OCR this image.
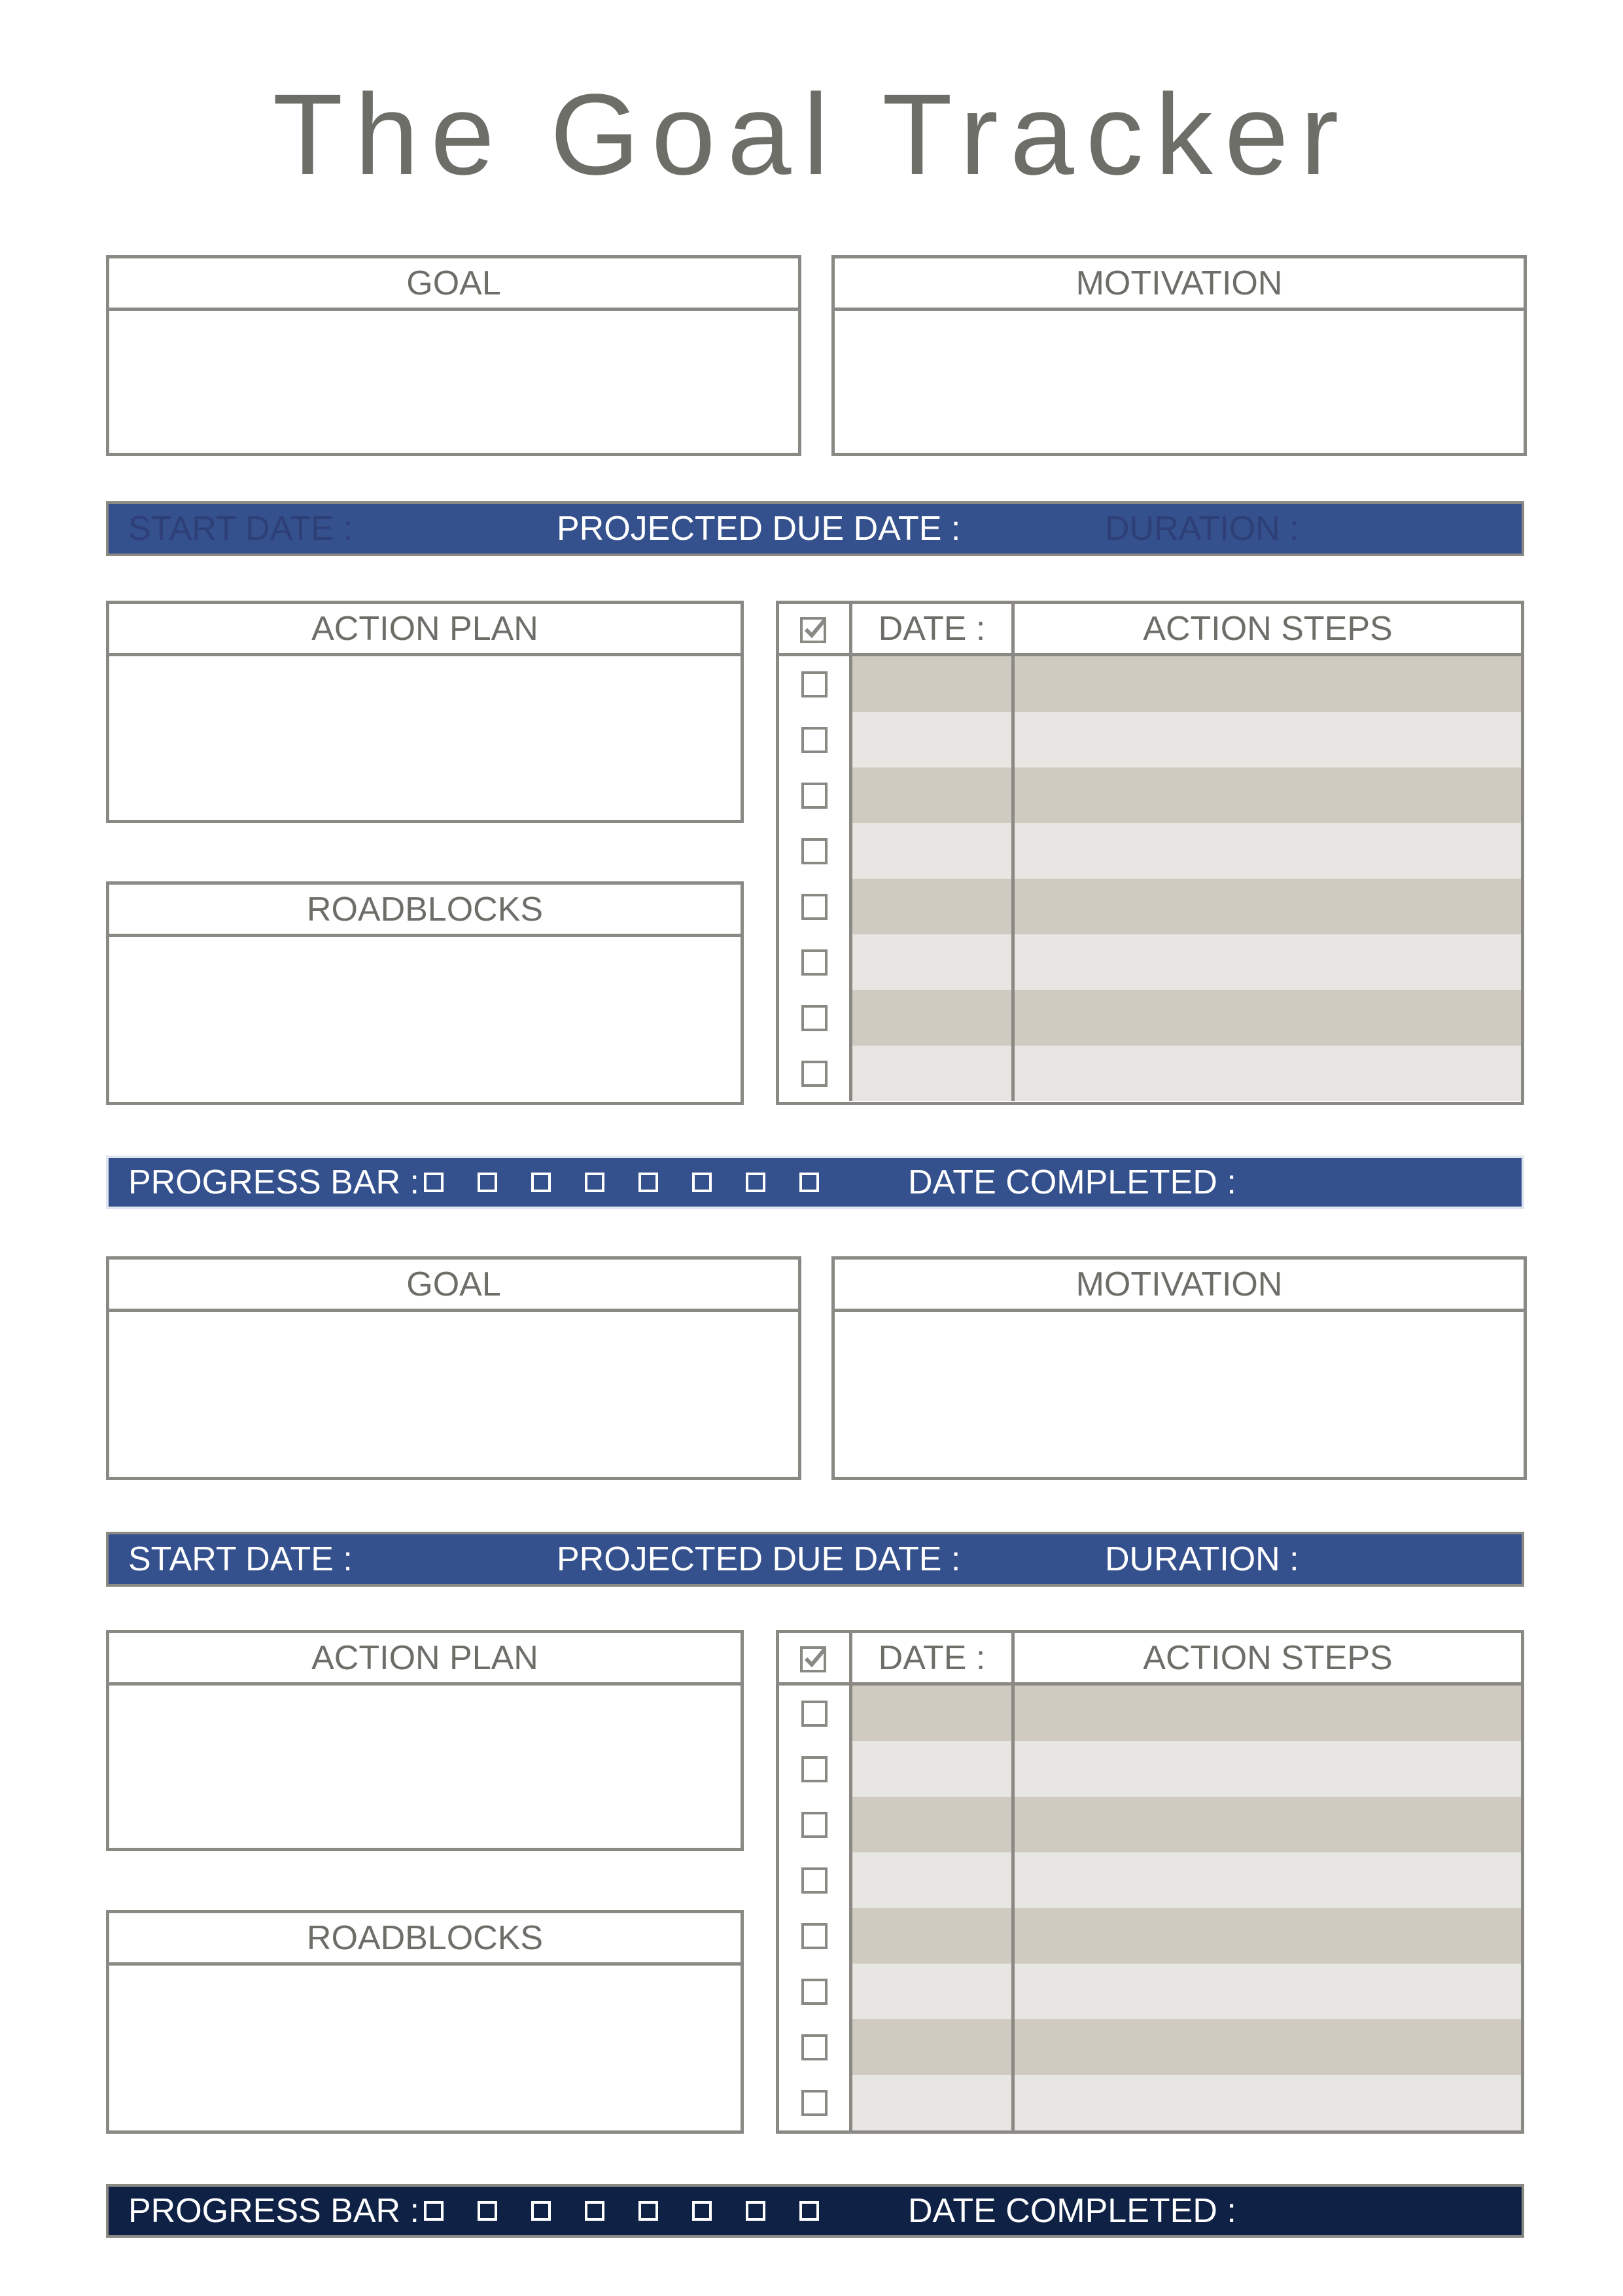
The Goal Tracker
GOAL	MOTIVATION
START DATE :	PROJECTED DUE DATE :	DURATION :
ACTION PLAN
ROADBLOCKS
DATE :	ACTION STEPS
PROGRESS BAR :	DATE COMPLETED :
GOAL	MOTIVATION
START DATE :	PROJECTED DUE DATE :	DURATION :
ACTION PLAN
ROADBLOCKS
DATE :	ACTION STEPS
PROGRESS BAR :	DATE COMPLETED :
